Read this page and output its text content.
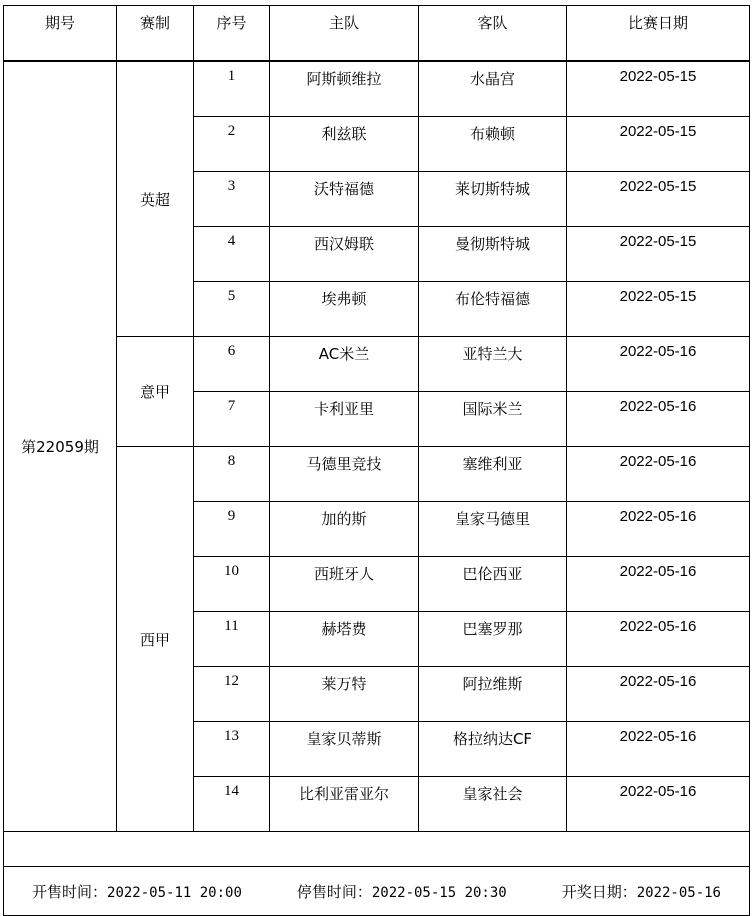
期号	赛制	序号	主队	客队	比赛日期
第22059期	英超	1	阿斯顿维拉	水晶宫	2022-05-15
		2	利兹联	布赖顿	2022-05-15
		3	沃特福德	莱切斯特城	2022-05-15
		4	西汉姆联	曼彻斯特城	2022-05-15
		5	埃弗顿	布伦特福德	2022-05-15
	意甲	6	AC米兰	亚特兰大	2022-05-16
		7	卡利亚里	国际米兰	2022-05-16
	西甲	8	马德里竞技	塞维利亚	2022-05-16
		9	加的斯	皇家马德里	2022-05-16
		10	西班牙人	巴伦西亚	2022-05-16
		11	赫塔费	巴塞罗那	2022-05-16
		12	莱万特	阿拉维斯	2022-05-16
		13	皇家贝蒂斯	格拉纳达CF	2022-05-16
		14	比利亚雷亚尔	皇家社会	2022-05-16

开售时间：2022-05-11 20:00 停售时间：2022-05-15 20:30 开奖日期：2022-05-16					
